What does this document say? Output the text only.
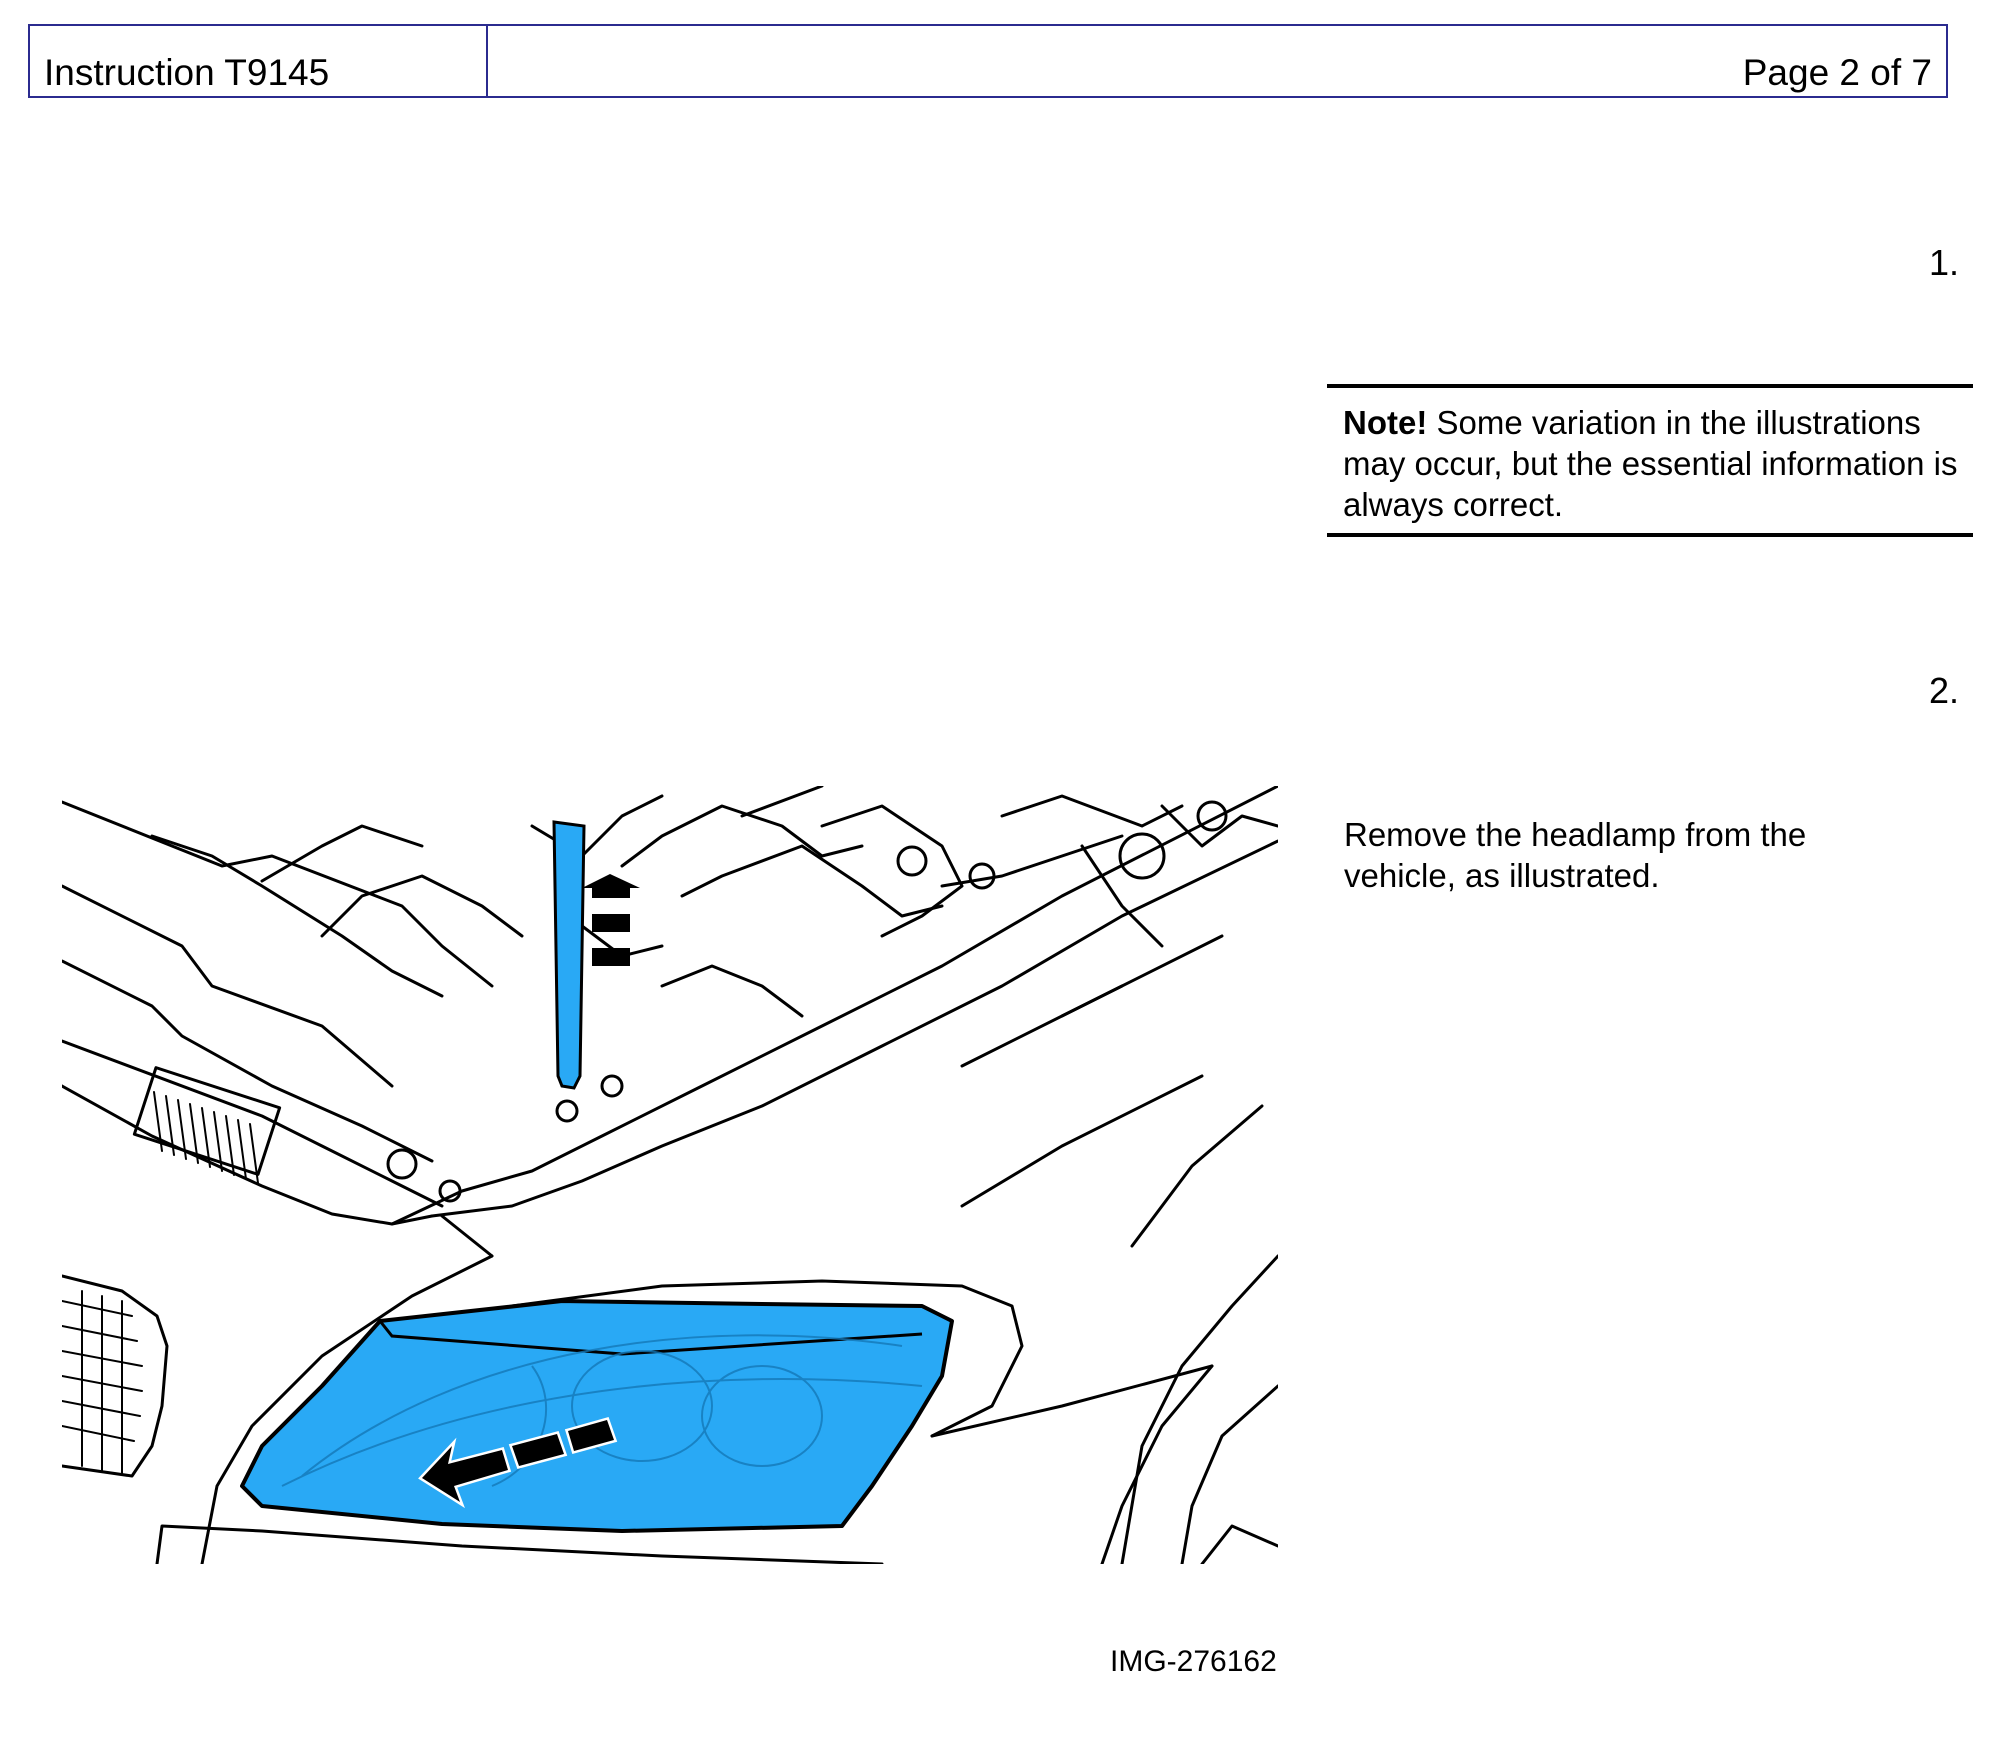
Instruction T9145	Page 2 of 7
1.

Note! Some variation in the illustrations may occur, but the essential information is always correct.

2.

Remove the headlamp from the vehicle, as illustrated.

IMG-276162
